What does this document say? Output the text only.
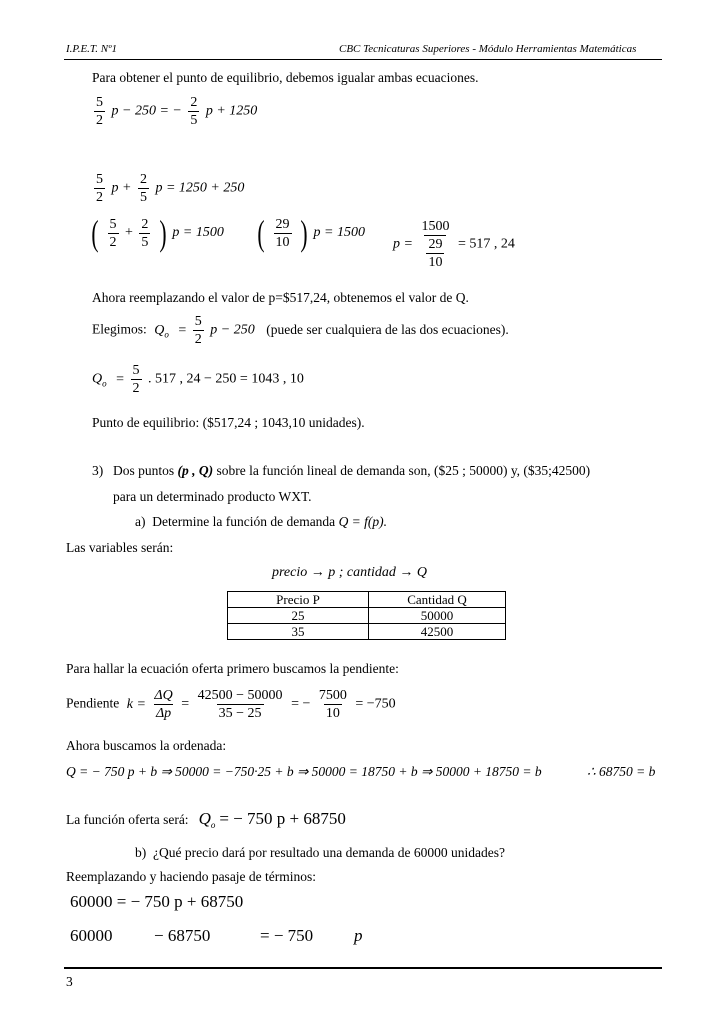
I.P.E.T. Nº1	CBC Tecnicaturas Superiores - Módulo Herramientas Matemáticas
Para obtener el punto de equilibrio, debemos igualar ambas ecuaciones.
$\frac{5}{2}$ p − 250 = − $\frac{2}{5}$ p + 1250
$\frac{5}{2}$ $p + \frac{2}{5}$ p = 1250 + 250
( $\frac{5}{2} + \frac{2}{5}$ ) p = 1500 ( $\frac{29}{10}$ ) p = 1500
p = 1500
29
10 = 517 , 24
Ahora reemplazando el valor de p=$517,24, obtenemos el valor de Q.
Elegimos: $Q_o = \frac{5}{2}$ p − 250 (puede ser cualquiera de las dos ecuaciones).
$Q_o = \frac{5}{2}$ . 517 , 24 − 250 = 1043 , 10
Punto de equilibrio: ($517,24 ; 1043,10 unidades).
3) Dos puntos (p , Q) sobre la función lineal de demanda son, ($25 ; 50000) y, ($35;42500)
para un determinado producto WXT.
a) Determine la función de demanda Q = f(p).
Las variables serán:
precio → p ; cantidad → Q
Precio P	Cantidad Q
25	50000
35	42500
Para hallar la ecuación oferta primero buscamos la pendiente:
Pendiente $k = \frac{\Delta Q}{\Delta p} = \frac{42500 - 50000}{35 - 25}$ = − $\frac{7500}{10} = -750$
Ahora buscamos la ordenada:
Q = − 750 p + b ⇒ 50000 = −750·25 + b ⇒ 50000 = 18750 + b ⇒ 50000 + 18750 = b	∴ 68750 = b
La función oferta será: $Q_o$ = − 750 p + 68750
b) ¿Qué precio dará por resultado una demanda de 60000 unidades?
Reemplazando y haciendo pasaje de términos:
60000 = − 750 p + 68750
60000 − 68750	= − 750 p
3
